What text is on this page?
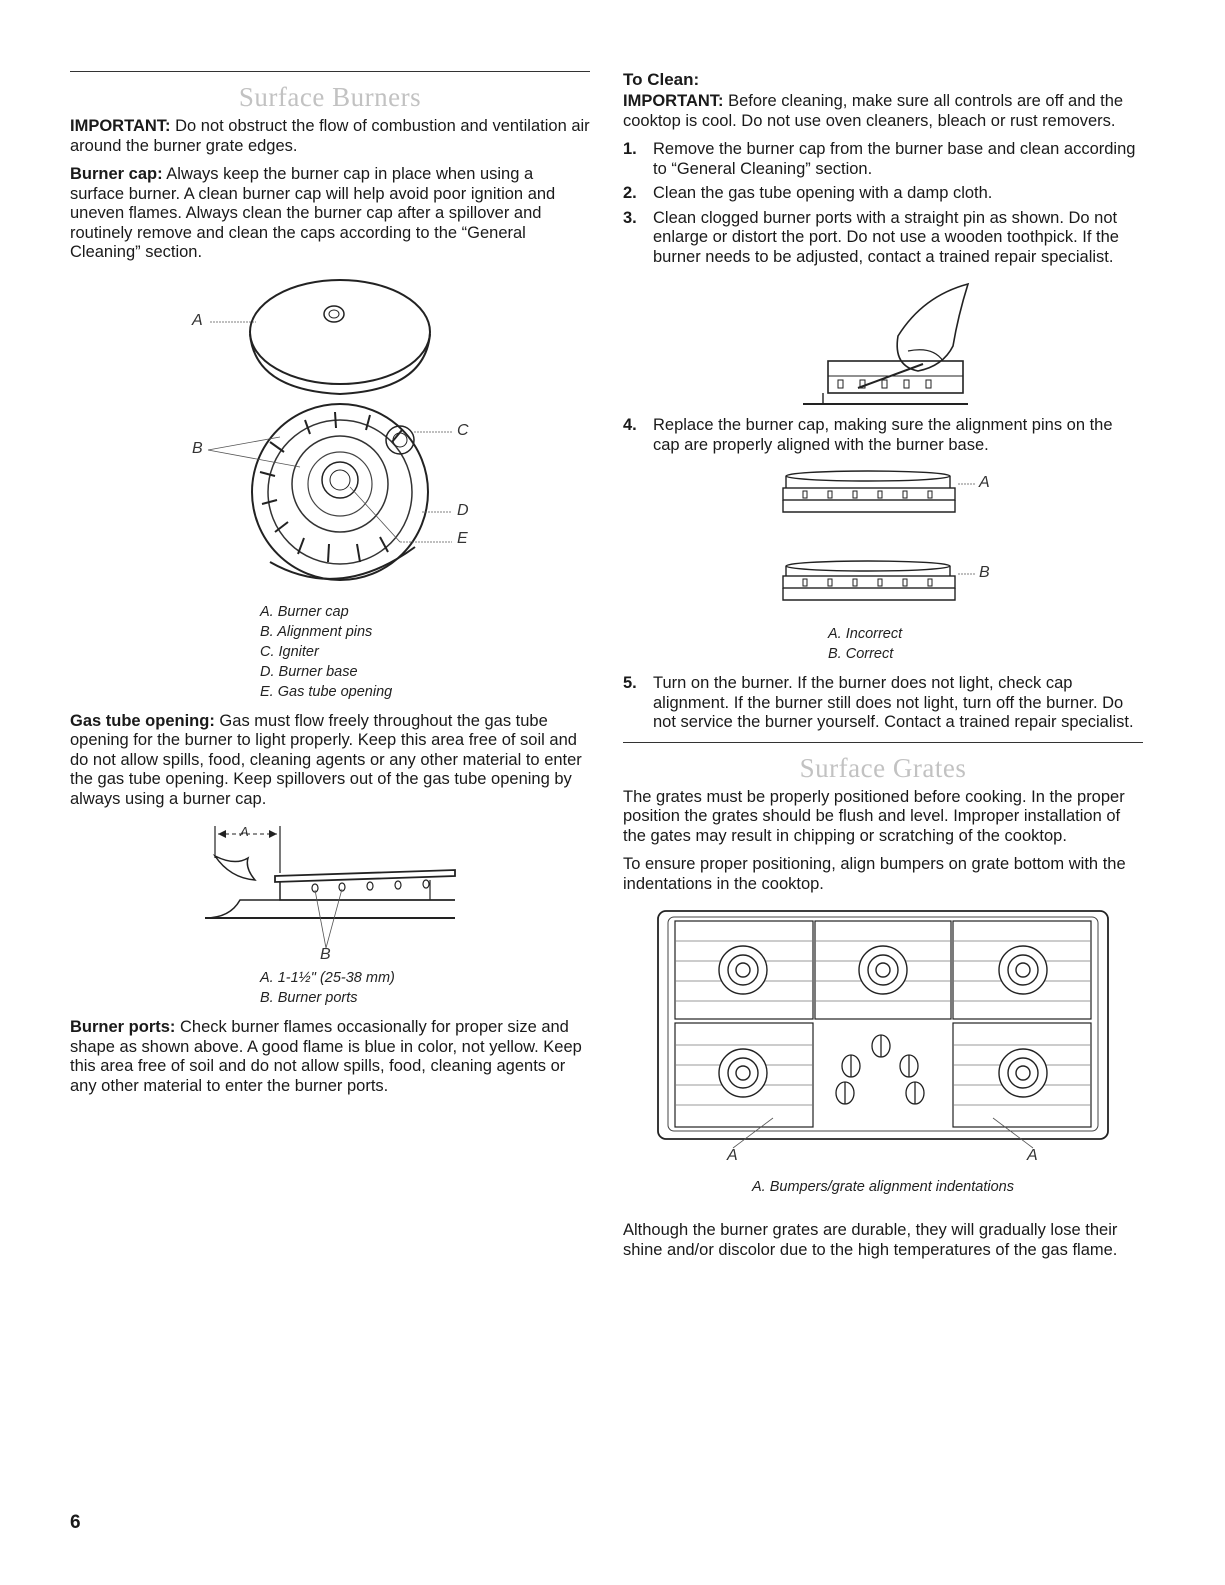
Surface Burners

IMPORTANT: Do not obstruct the flow of combustion and ventilation air around the burner grate edges.

Burner cap: Always keep the burner cap in place when using a surface burner. A clean burner cap will help avoid poor ignition and uneven flames. Always clean the burner cap after a spillover and routinely remove and clean the caps according to the “General Cleaning” section.

A
B
C
D
E
A. Burner cap
B. Alignment pins
C. Igniter
D. Burner base
E. Gas tube opening

Gas tube opening: Gas must flow freely throughout the gas tube opening for the burner to light properly. Keep this area free of soil and do not allow spills, food, cleaning agents or any other material to enter the gas tube opening. Keep spillovers out of the gas tube opening by always using a burner cap.

A
B
A. 1-1½" (25-38 mm)
B. Burner ports

Burner ports: Check burner flames occasionally for proper size and shape as shown above. A good flame is blue in color, not yellow. Keep this area free of soil and do not allow spills, food, cleaning agents or any other material to enter the burner ports.

To Clean:

IMPORTANT: Before cleaning, make sure all controls are off and the cooktop is cool. Do not use oven cleaners, bleach or rust removers.

1. Remove the burner cap from the burner base and clean according to “General Cleaning” section.
2. Clean the gas tube opening with a damp cloth.
3. Clean clogged burner ports with a straight pin as shown. Do not enlarge or distort the port. Do not use a wooden toothpick. If the burner needs to be adjusted, contact a trained repair specialist.
4. Replace the burner cap, making sure the alignment pins on the cap are properly aligned with the burner base.
A
B
A. Incorrect
B. Correct
5. Turn on the burner. If the burner does not light, check cap alignment. If the burner still does not light, turn off the burner. Do not service the burner yourself. Contact a trained repair specialist.
Surface Grates

The grates must be properly positioned before cooking. In the proper position the grates should be flush and level. Improper installation of the gates may result in chipping or scratching of the cooktop.

To ensure proper positioning, align bumpers on grate bottom with the indentations in the cooktop.

A	A
A. Bumpers/grate alignment indentations

Although the burner grates are durable, they will gradually lose their shine and/or discolor due to the high temperatures of the gas flame.

6
